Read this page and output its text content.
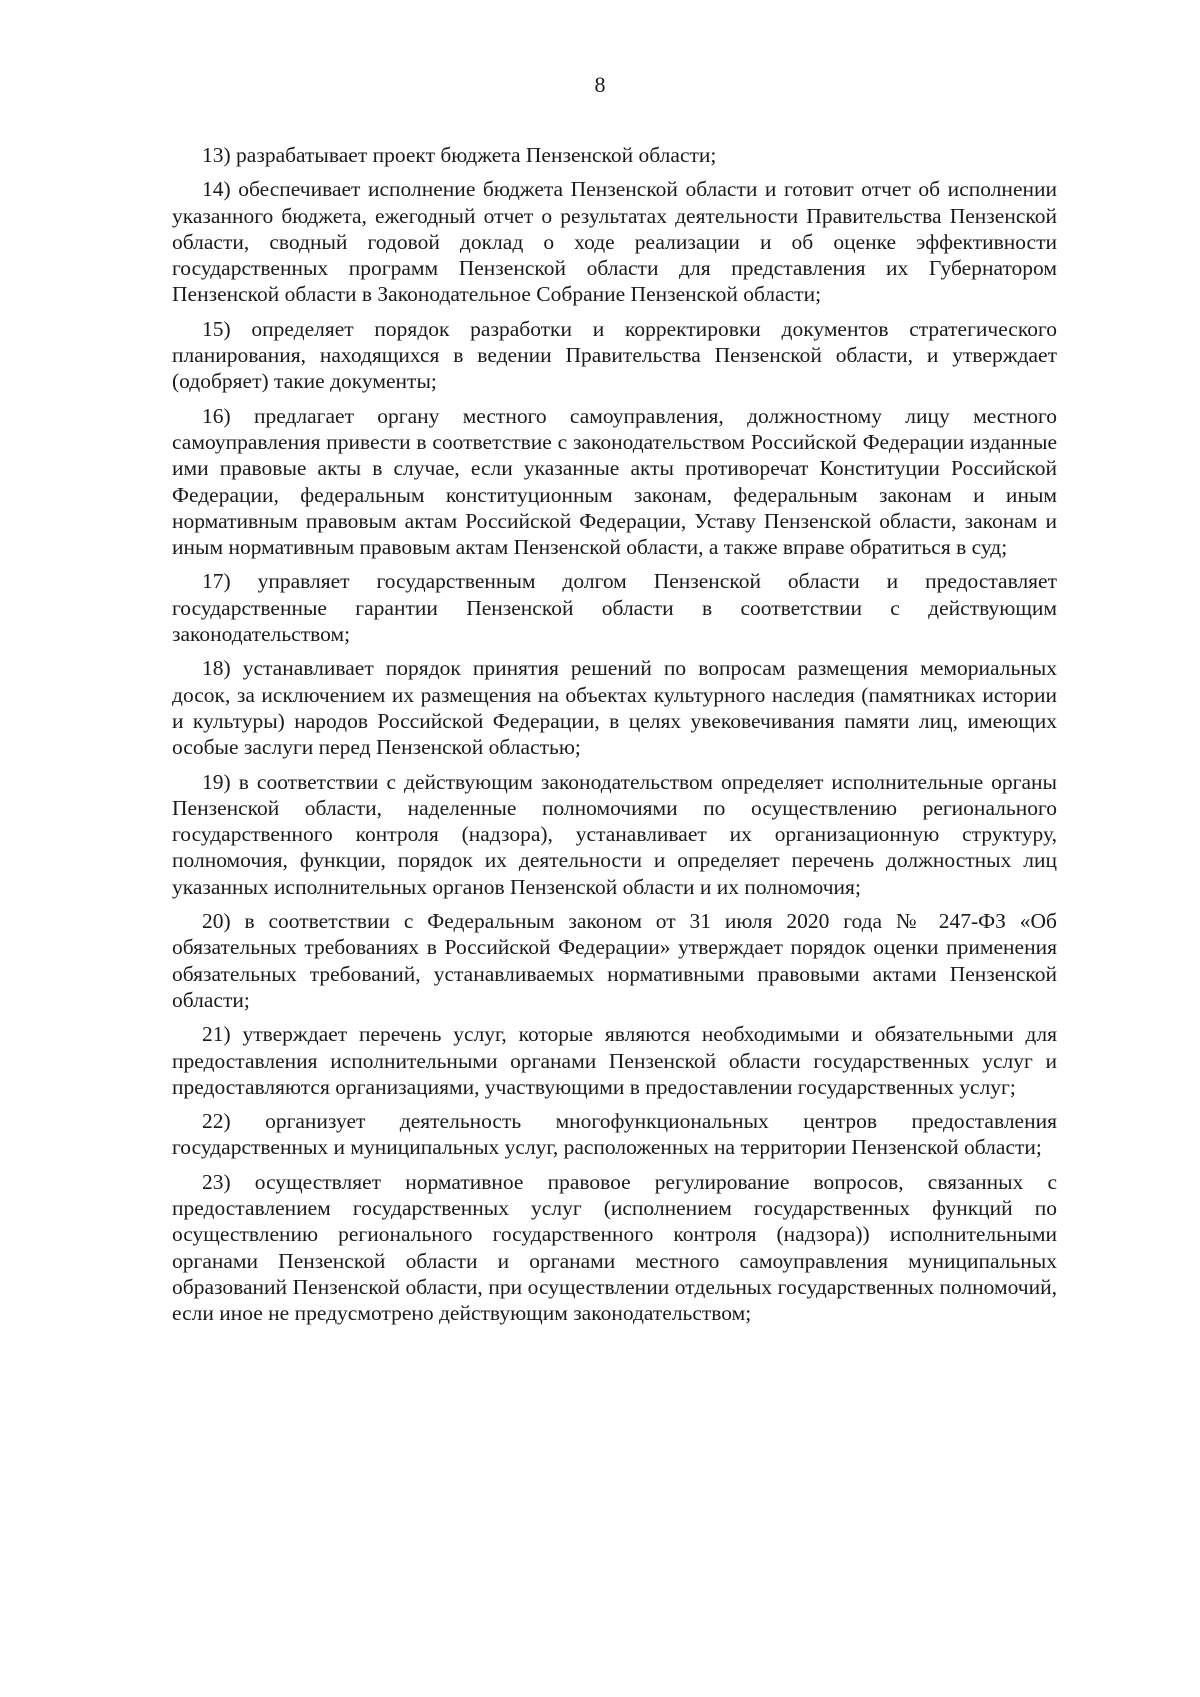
8

13) разрабатывает проект бюджета Пензенской области;

14) обеспечивает исполнение бюджета Пензенской области и готовит отчет об исполнении указанного бюджета, ежегодный отчет о результатах деятельности Правительства Пензенской области, сводный годовой доклад о ходе реализации и об оценке эффективности государственных программ Пензенской области для представления их Губернатором Пензенской области в Законодательное Собрание Пензенской области;

15) определяет порядок разработки и корректировки документов стратегического планирования, находящихся в ведении Правительства Пензенской области, и утверждает (одобряет) такие документы;

16) предлагает органу местного самоуправления, должностному лицу местного самоуправления привести в соответствие с законодательством Российской Федерации изданные ими правовые акты в случае, если указанные акты противоречат Конституции Российской Федерации, федеральным конституционным законам, федеральным законам и иным нормативным правовым актам Российской Федерации, Уставу Пензенской области, законам и иным нормативным правовым актам Пензенской области, а также вправе обратиться в суд;

17) управляет государственным долгом Пензенской области и предоставляет государственные гарантии Пензенской области в соответствии с действующим законодательством;

18) устанавливает порядок принятия решений по вопросам размещения мемориальных досок, за исключением их размещения на объектах культурного наследия (памятниках истории и культуры) народов Российской Федерации, в целях увековечивания памяти лиц, имеющих особые заслуги перед Пензенской областью;

19) в соответствии с действующим законодательством определяет исполнительные органы Пензенской области, наделенные полномочиями по осуществлению регионального государственного контроля (надзора), устанавливает их организационную структуру, полномочия, функции, порядок их деятельности и определяет перечень должностных лиц указанных исполнительных органов Пензенской области и их полномочия;

20) в соответствии с Федеральным законом от 31 июля 2020 года № 247-ФЗ «Об обязательных требованиях в Российской Федерации» утверждает порядок оценки применения обязательных требований, устанавливаемых нормативными правовыми актами Пензенской области;

21) утверждает перечень услуг, которые являются необходимыми и обязательными для предоставления исполнительными органами Пензенской области государственных услуг и предоставляются организациями, участвующими в предоставлении государственных услуг;

22) организует деятельность многофункциональных центров предоставления государственных и муниципальных услуг, расположенных на территории Пензенской области;

23) осуществляет нормативное правовое регулирование вопросов, связанных с предоставлением государственных услуг (исполнением государственных функций по осуществлению регионального государственного контроля (надзора)) исполнительными органами Пензенской области и органами местного самоуправления муниципальных образований Пензенской области, при осуществлении отдельных государственных полномочий, если иное не предусмотрено действующим законодательством;
